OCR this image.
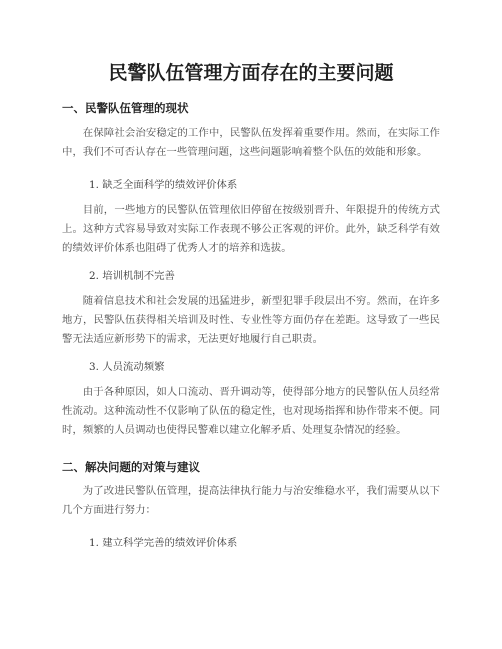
民警队伍管理方面存在的主要问题
一、民警队伍管理的现状

在保障社会治安稳定的工作中，民警队伍发挥着重要作用。然而，在实际工作中，我们不可否认存在一些管理问题，这些问题影响着整个队伍的效能和形象。

1. 缺乏全面科学的绩效评价体系

目前，一些地方的民警队伍管理依旧停留在按级别晋升、年限提升的传统方式上。这种方式容易导致对实际工作表现不够公正客观的评价。此外，缺乏科学有效的绩效评价体系也阻碍了优秀人才的培养和选拔。

2. 培训机制不完善

随着信息技术和社会发展的迅猛进步，新型犯罪手段层出不穷。然而，在许多地方，民警队伍获得相关培训及时性、专业性等方面仍存在差距。这导致了一些民警无法适应新形势下的需求，无法更好地履行自己职责。

3. 人员流动频繁

由于各种原因，如人口流动、晋升调动等，使得部分地方的民警队伍人员经常性流动。这种流动性不仅影响了队伍的稳定性，也对现场指挥和协作带来不便。同时，频繁的人员调动也使得民警难以建立化解矛盾、处理复杂情况的经验。

二、解决问题的对策与建议

为了改进民警队伍管理，提高法律执行能力与治安维稳水平，我们需要从以下几个方面进行努力：

1. 建立科学完善的绩效评价体系
